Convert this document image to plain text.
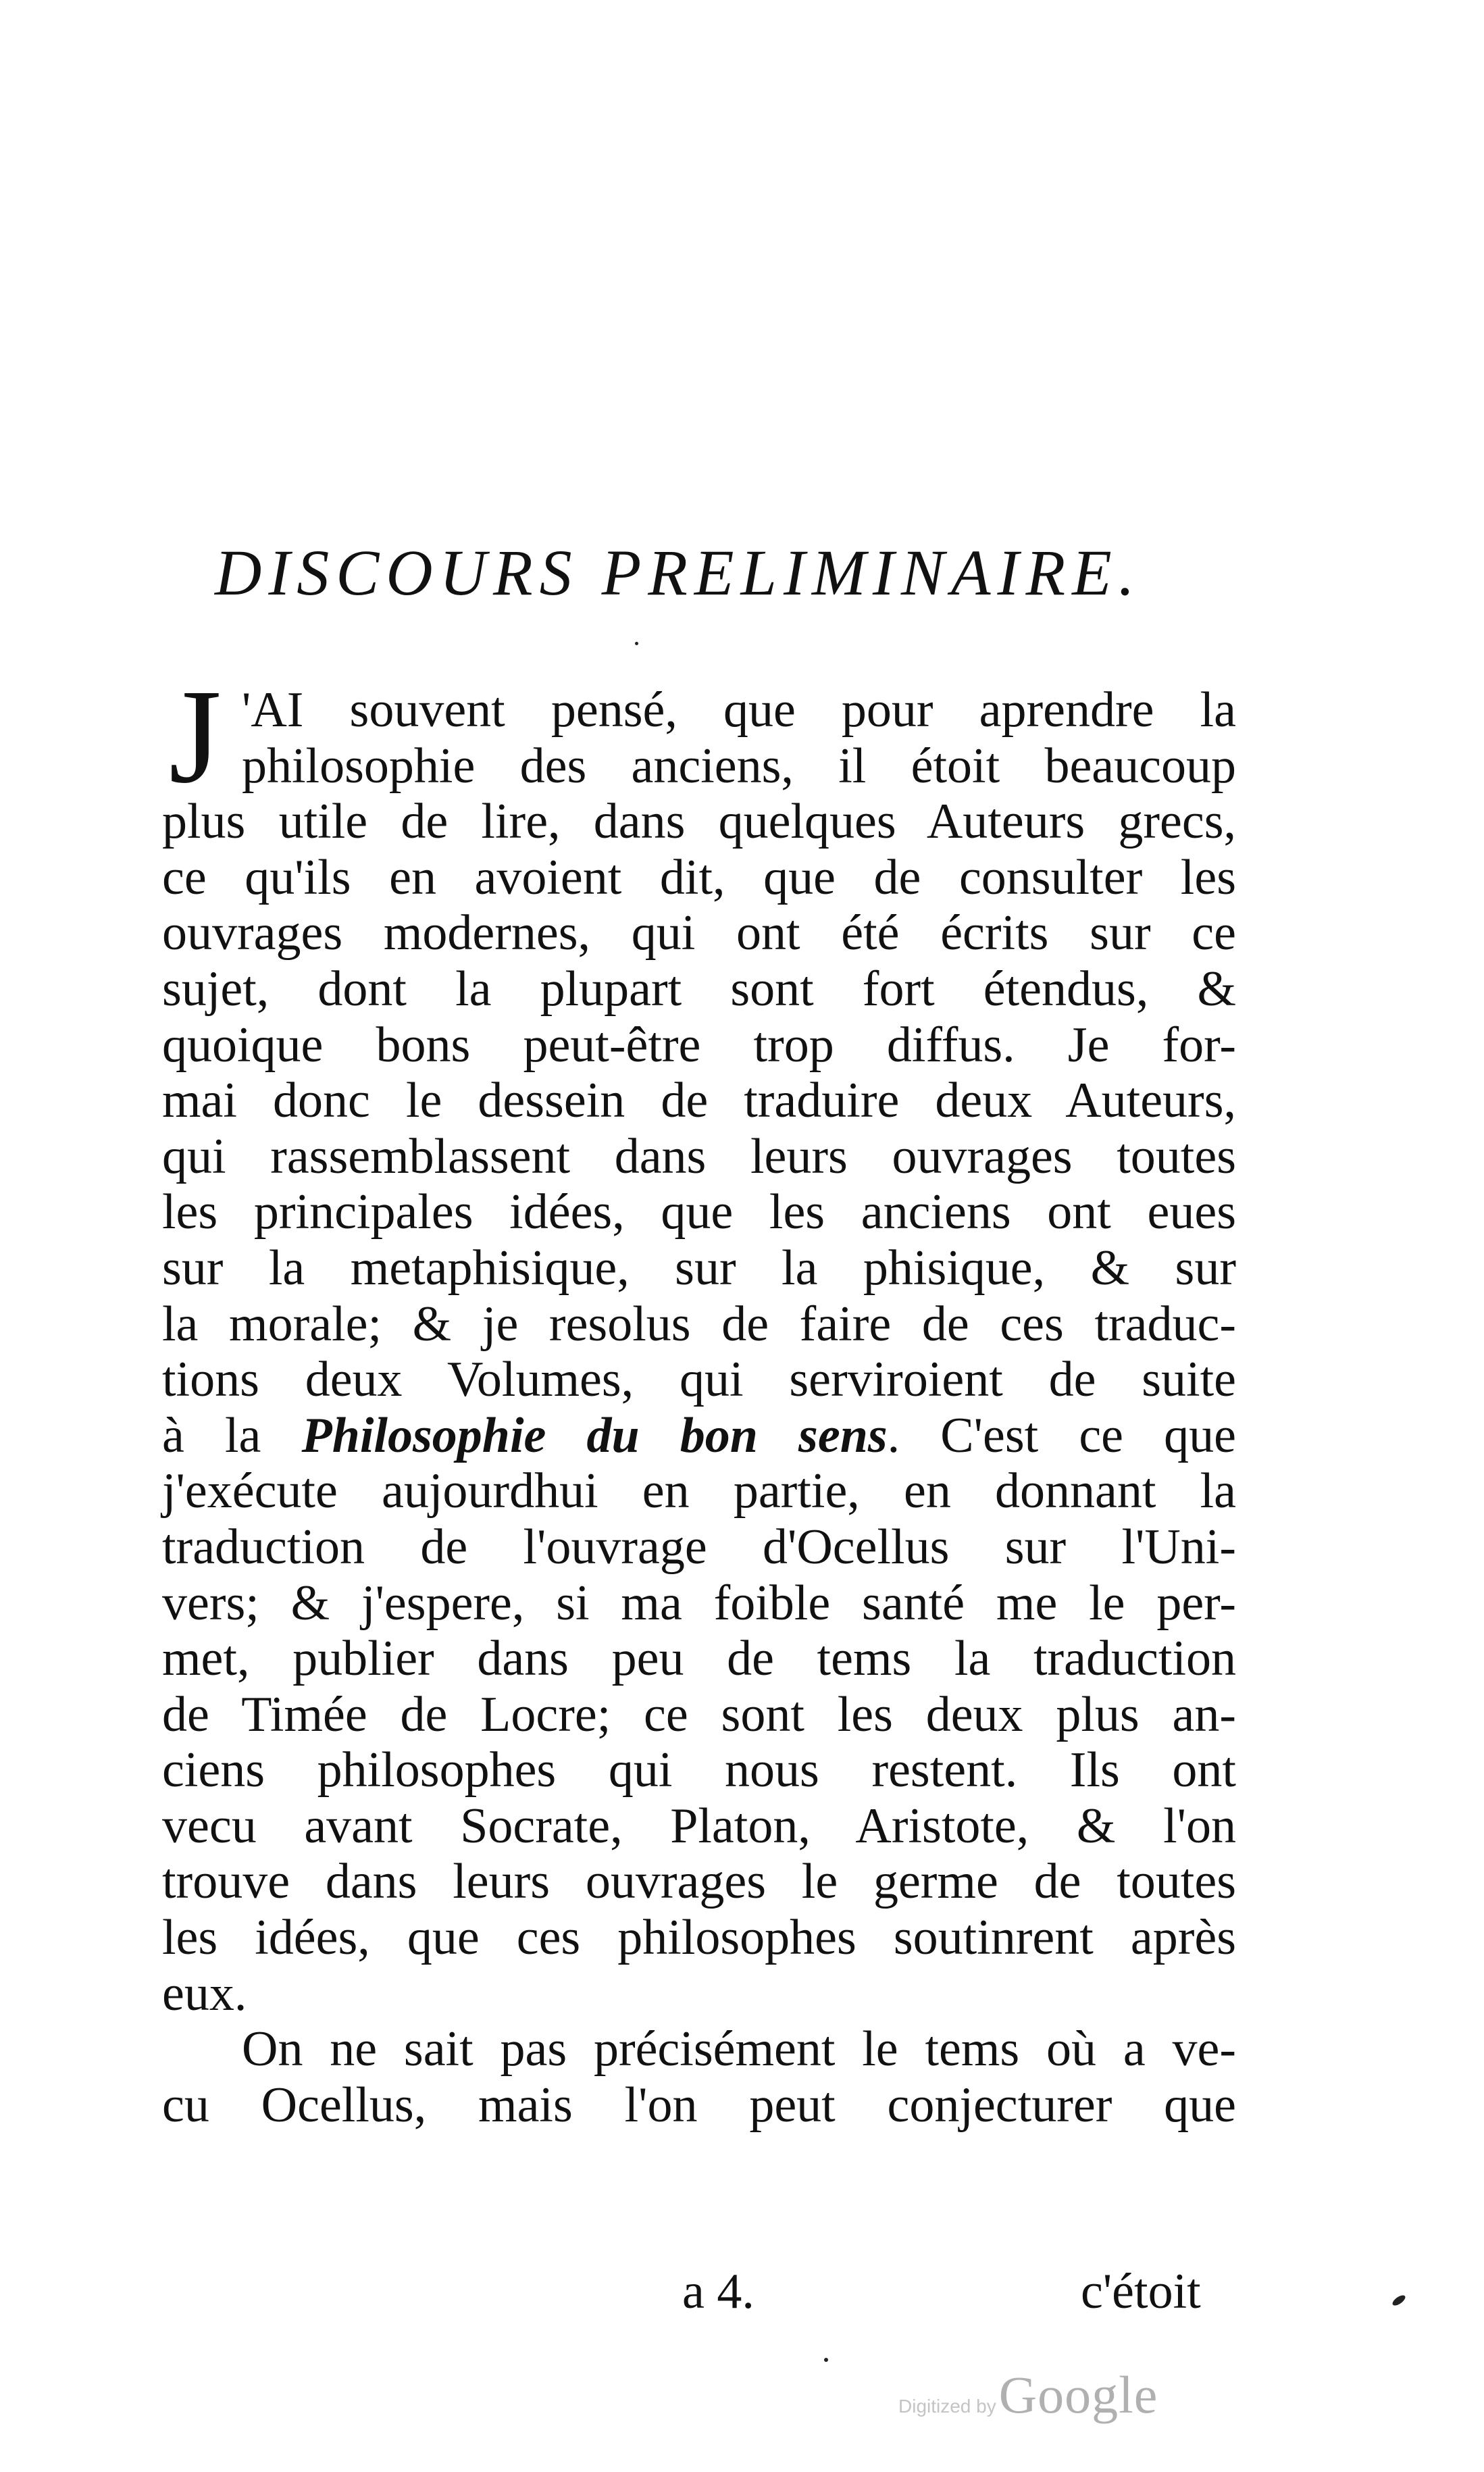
DISCOURS PRELIMINAIRE.
J 'AI souvent pensé, que pour aprendre la
philosophie des anciens, il étoit beaucoup
plus utile de lire, dans quelques Auteurs grecs,
ce qu'ils en avoient dit, que de consulter les
ouvrages modernes, qui ont été écrits sur ce
sujet, dont la plupart sont fort étendus, &
quoique bons peut-être trop diffus. Je for-
mai donc le dessein de traduire deux Auteurs,
qui rassemblassent dans leurs ouvrages toutes
les principales idées, que les anciens ont eues
sur la metaphisique, sur la phisique, & sur
la morale; & je resolus de faire de ces traduc-
tions deux Volumes, qui serviroient de suite
à la Philosophie du bon sens. C'est ce que
j'exécute aujourdhui en partie, en donnant la
traduction de l'ouvrage d'Ocellus sur l'Uni-
vers; & j'espere, si ma foible santé me le per-
met, publier dans peu de tems la traduction
de Timée de Locre; ce sont les deux plus an-
ciens philosophes qui nous restent. Ils ont
vecu avant Socrate, Platon, Aristote, & l'on
trouve dans leurs ouvrages le germe de toutes
les idées, que ces philosophes soutinrent après
eux.
On ne sait pas précisément le tems où a ve-
cu Ocellus, mais l'on peut conjecturer que
a 4.	c'étoit
Digitized by Google
